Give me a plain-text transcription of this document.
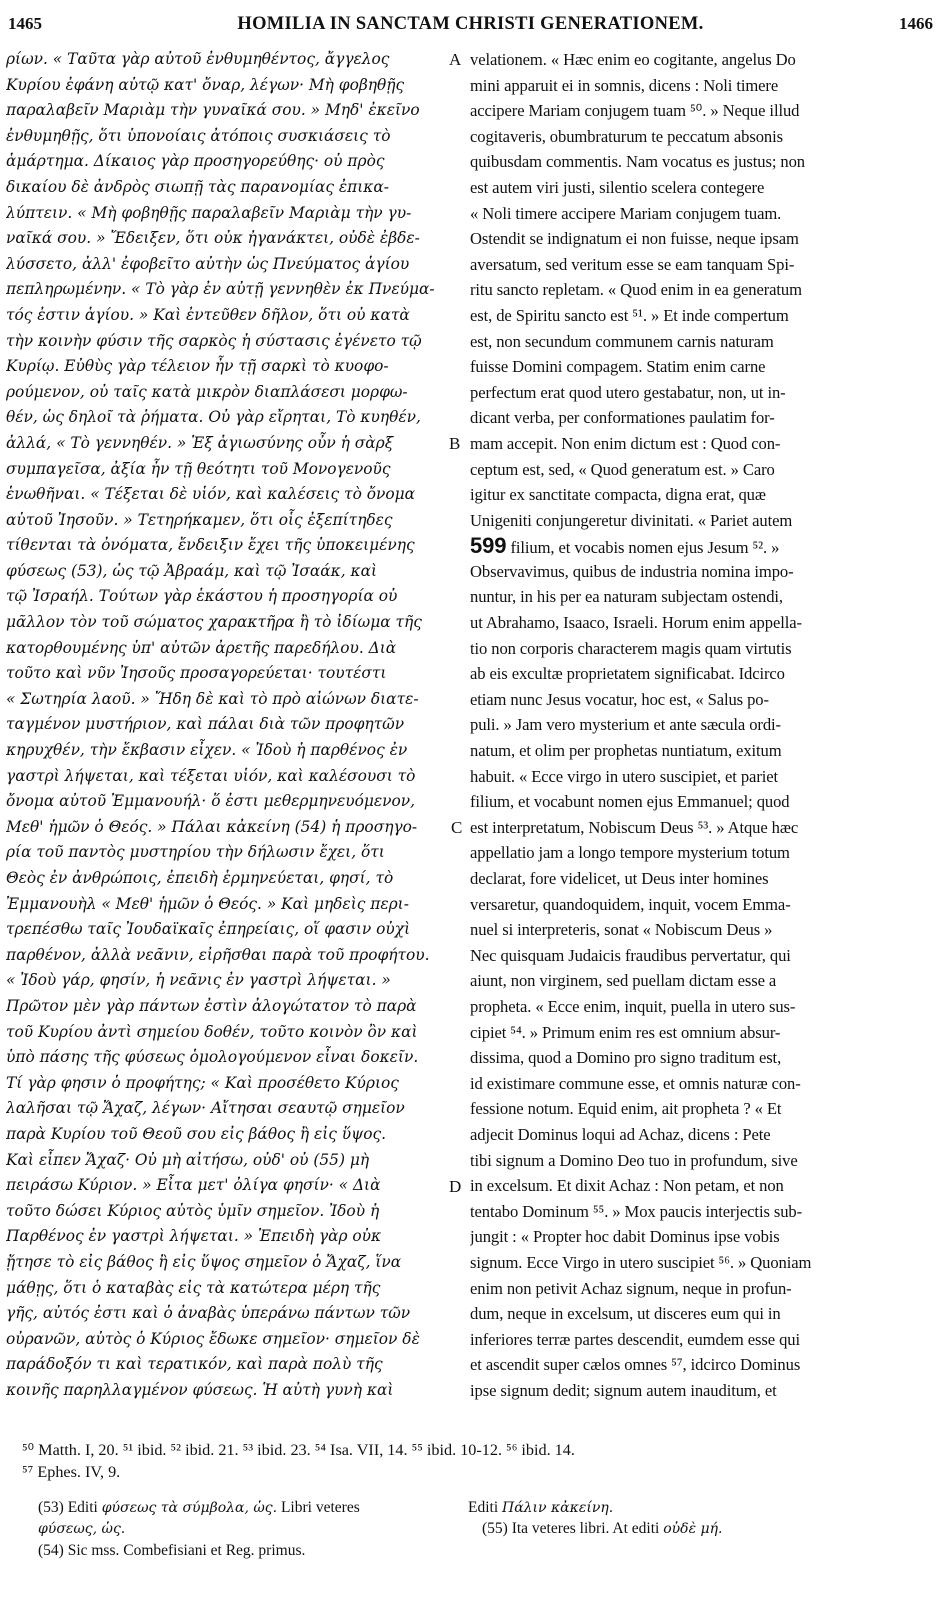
1465	HOMILIA IN SANCTAM CHRISTI GENERATIONEM.	1466
ρίων. « Ταῦτα γὰρ αὐτοῦ ἐνθυμηθέντος, ἄγγελος
Κυρίου ἐφάνη αὐτῷ κατ' ὄναρ, λέγων· Μὴ φοβηθῇς
παραλαβεῖν Μαριὰμ τὴν γυναῖκά σου. » Μηδ' ἐκεῖνο
ἐνθυμηθῇς, ὅτι ὑπονοίαις ἀτόποις συσκιάσεις τὸ
ἁμάρτημα. Δίκαιος γὰρ προσηγορεύθης· οὐ πρὸς
δικαίου δὲ ἀνδρὸς σιωπῇ τὰς παρανομίας ἐπικα-
λύπτειν. « Μὴ φοβηθῇς παραλαβεῖν Μαριὰμ τὴν γυ-
ναῖκά σου. » Ἔδειξεν, ὅτι οὐκ ἠγανάκτει, οὐδὲ ἐβδε-
λύσσετο, ἀλλ' ἐφοβεῖτο αὐτὴν ὡς Πνεύματος ἁγίου
πεπληρωμένην. « Τὸ γὰρ ἐν αὐτῇ γεννηθὲν ἐκ Πνεύμα-
τός ἐστιν ἁγίου. » Καὶ ἐντεῦθεν δῆλον, ὅτι οὐ κατὰ
τὴν κοινὴν φύσιν τῆς σαρκὸς ἡ σύστασις ἐγένετο τῷ
Κυρίῳ. Εὐθὺς γὰρ τέλειον ἦν τῇ σαρκὶ τὸ κυοφο-
ρούμενον, οὐ ταῖς κατὰ μικρὸν διαπλάσεσι μορφω-
θέν, ὡς δηλοῖ τὰ ῥήματα. Οὐ γὰρ εἴρηται, Τὸ κυηθέν,
ἀλλά, « Τὸ γεννηθέν. » Ἐξ ἁγιωσύνης οὖν ἡ σὰρξ
συμπαγεῖσα, ἀξία ἦν τῇ θεότητι τοῦ Μονογενοῦς
ἑνωθῆναι. « Τέξεται δὲ υἱόν, καὶ καλέσεις τὸ ὄνομα
αὐτοῦ Ἰησοῦν. » Τετηρήκαμεν, ὅτι οἷς ἐξεπίτηδες
τίθενται τὰ ὀνόματα, ἔνδειξιν ἔχει τῆς ὑποκειμένης
φύσεως (53), ὡς τῷ Ἀβραάμ, καὶ τῷ Ἰσαάκ, καὶ
τῷ Ἰσραήλ. Τούτων γὰρ ἑκάστου ἡ προσηγορία οὐ
μᾶλλον τὸν τοῦ σώματος χαρακτῆρα ἢ τὸ ἰδίωμα τῆς
κατορθουμένης ὑπ' αὐτῶν ἀρετῆς παρεδήλου. Διὰ
τοῦτο καὶ νῦν Ἰησοῦς προσαγορεύεται· τουτέστι
« Σωτηρία λαοῦ. » Ἤδη δὲ καὶ τὸ πρὸ αἰώνων διατε-
ταγμένον μυστήριον, καὶ πάλαι διὰ τῶν προφητῶν
κηρυχθέν, τὴν ἔκβασιν εἶχεν. « Ἰδοὺ ἡ παρθένος ἐν
γαστρὶ λήψεται, καὶ τέξεται υἱόν, καὶ καλέσουσι τὸ
ὄνομα αὐτοῦ Ἐμμανουήλ· ὅ ἐστι μεθερμηνευόμενον,
Μεθ' ἡμῶν ὁ Θεός. » Πάλαι κἀκείνη (54) ἡ προσηγο-
ρία τοῦ παντὸς μυστηρίου τὴν δήλωσιν ἔχει, ὅτι
Θεὸς ἐν ἀνθρώποις, ἐπειδὴ ἑρμηνεύεται, φησί, τὸ
Ἐμμανουὴλ « Μεθ' ἡμῶν ὁ Θεός. » Καὶ μηδεὶς περι-
τρεπέσθω ταῖς Ἰουδαϊκαῖς ἐπηρείαις, οἵ φασιν οὐχὶ
παρθένον, ἀλλὰ νεᾶνιν, εἰρῆσθαι παρὰ τοῦ προφήτου.
« Ἰδοὺ γάρ, φησίν, ἡ νεᾶνις ἐν γαστρὶ λήψεται. »
Πρῶτον μὲν γὰρ πάντων ἐστὶν ἀλογώτατον τὸ παρὰ
τοῦ Κυρίου ἀντὶ σημείου δοθέν, τοῦτο κοινὸν ὂν καὶ
ὑπὸ πάσης τῆς φύσεως ὁμολογούμενον εἶναι δοκεῖν.
Τί γὰρ φησιν ὁ προφήτης; « Καὶ προσέθετο Κύριος
λαλῆσαι τῷ Ἄχαζ, λέγων· Αἴτησαι σεαυτῷ σημεῖον
παρὰ Κυρίου τοῦ Θεοῦ σου εἰς βάθος ἢ εἰς ὕψος.
Καὶ εἶπεν Ἄχαζ· Οὐ μὴ αἰτήσω, οὐδ' οὐ (55) μὴ
πειράσω Κύριον. » Εἶτα μετ' ὀλίγα φησίν· « Διὰ
τοῦτο δώσει Κύριος αὐτὸς ὑμῖν σημεῖον. Ἰδοὺ ἡ
Παρθένος ἐν γαστρὶ λήψεται. » Ἐπειδὴ γὰρ οὐκ
ᾔτησε τὸ εἰς βάθος ἢ εἰς ὕψος σημεῖον ὁ Ἄχαζ, ἵνα
μάθῃς, ὅτι ὁ καταβὰς εἰς τὰ κατώτερα μέρη τῆς
γῆς, αὐτός ἐστι καὶ ὁ ἀναβὰς ὑπεράνω πάντων τῶν
οὐρανῶν, αὐτὸς ὁ Κύριος ἔδωκε σημεῖον· σημεῖον δὲ
παράδοξόν τι καὶ τερατικόν, καὶ παρὰ πολὺ τῆς
κοινῆς παρηλλαγμένον φύσεως. Ἡ αὐτὴ γυνὴ καὶ
velationem. « Hæc enim eo cogitante, angelus Do
mini apparuit ei in somnis, dicens : Noli timere
accipere Mariam conjugem tuam ⁵⁰. » Neque illud
cogitaveris, obumbraturum te peccatum absonis
quibusdam commentis. Nam vocatus es justus; non
est autem viri justi, silentio scelera contegere
« Noli timere accipere Mariam conjugem tuam.
Ostendit se indignatum ei non fuisse, neque ipsam
aversatum, sed veritum esse se eam tanquam Spi-
ritu sancto repletam. « Quod enim in ea generatum
est, de Spiritu sancto est ⁵¹. » Et inde compertum
est, non secundum communem carnis naturam
fuisse Domini compagem. Statim enim carne
perfectum erat quod utero gestabatur, non, ut in-
dicant verba, per conformationes paulatim for-
mam accepit. Non enim dictum est : Quod con-
ceptum est, sed, « Quod generatum est. » Caro
igitur ex sanctitate compacta, digna erat, quæ
Unigeniti conjungeretur divinitati. « Pariet autem
599 filium, et vocabis nomen ejus Jesum ⁵². »
Observavimus, quibus de industria nomina impo-
nuntur, in his per ea naturam subjectam ostendi,
ut Abrahamo, Isaaco, Israeli. Horum enim appella-
tio non corporis characterem magis quam virtutis
ab eis excultæ proprietatem significabat. Idcirco
etiam nunc Jesus vocatur, hoc est, « Salus po-
puli. » Jam vero mysterium et ante sæcula ordi-
natum, et olim per prophetas nuntiatum, exitum
habuit. « Ecce virgo in utero suscipiet, et pariet
filium, et vocabunt nomen ejus Emmanuel; quod
est interpretatum, Nobiscum Deus ⁵³. » Atque hæc
appellatio jam a longo tempore mysterium totum
declarat, fore videlicet, ut Deus inter homines
versaretur, quandoquidem, inquit, vocem Emma-
nuel si interpreteris, sonat « Nobiscum Deus »
Nec quisquam Judaicis fraudibus pervertatur, qui
aiunt, non virginem, sed puellam dictam esse a
propheta. « Ecce enim, inquit, puella in utero sus-
cipiet ⁵⁴. » Primum enim res est omnium absur-
dissima, quod a Domino pro signo traditum est,
id existimare commune esse, et omnis naturæ con-
fessione notum. Equid enim, ait propheta ? « Et
adjecit Dominus loqui ad Achaz, dicens : Pete
tibi signum a Domino Deo tuo in profundum, sive
in excelsum. Et dixit Achaz : Non petam, et non
tentabo Dominum ⁵⁵. » Mox paucis interjectis sub-
jungit : « Propter hoc dabit Dominus ipse vobis
signum. Ecce Virgo in utero suscipiet ⁵⁶. » Quoniam
enim non petivit Achaz signum, neque in profun-
dum, neque in excelsum, ut disceres eum qui in
inferiores terræ partes descendit, eumdem esse qui
et ascendit super cælos omnes ⁵⁷, idcirco Dominus
ipse signum dedit; signum autem inauditum, et
A
B
C
D
⁵⁰ Matth. I, 20. ⁵¹ ibid. ⁵² ibid. 21. ⁵³ ibid. 23. ⁵⁴ Isa. VII, 14. ⁵⁵ ibid. 10-12. ⁵⁶ ibid. 14.
⁵⁷ Ephes. IV, 9.
(53) Editi φύσεως τὰ σύμβολα, ὡς. Libri veteres
φύσεως, ὡς.
(54) Sic mss. Combefisiani et Reg. primus.
Editi Πάλιν κἀκείνη.
(55) Ita veteres libri. At editi οὐδὲ μή.
